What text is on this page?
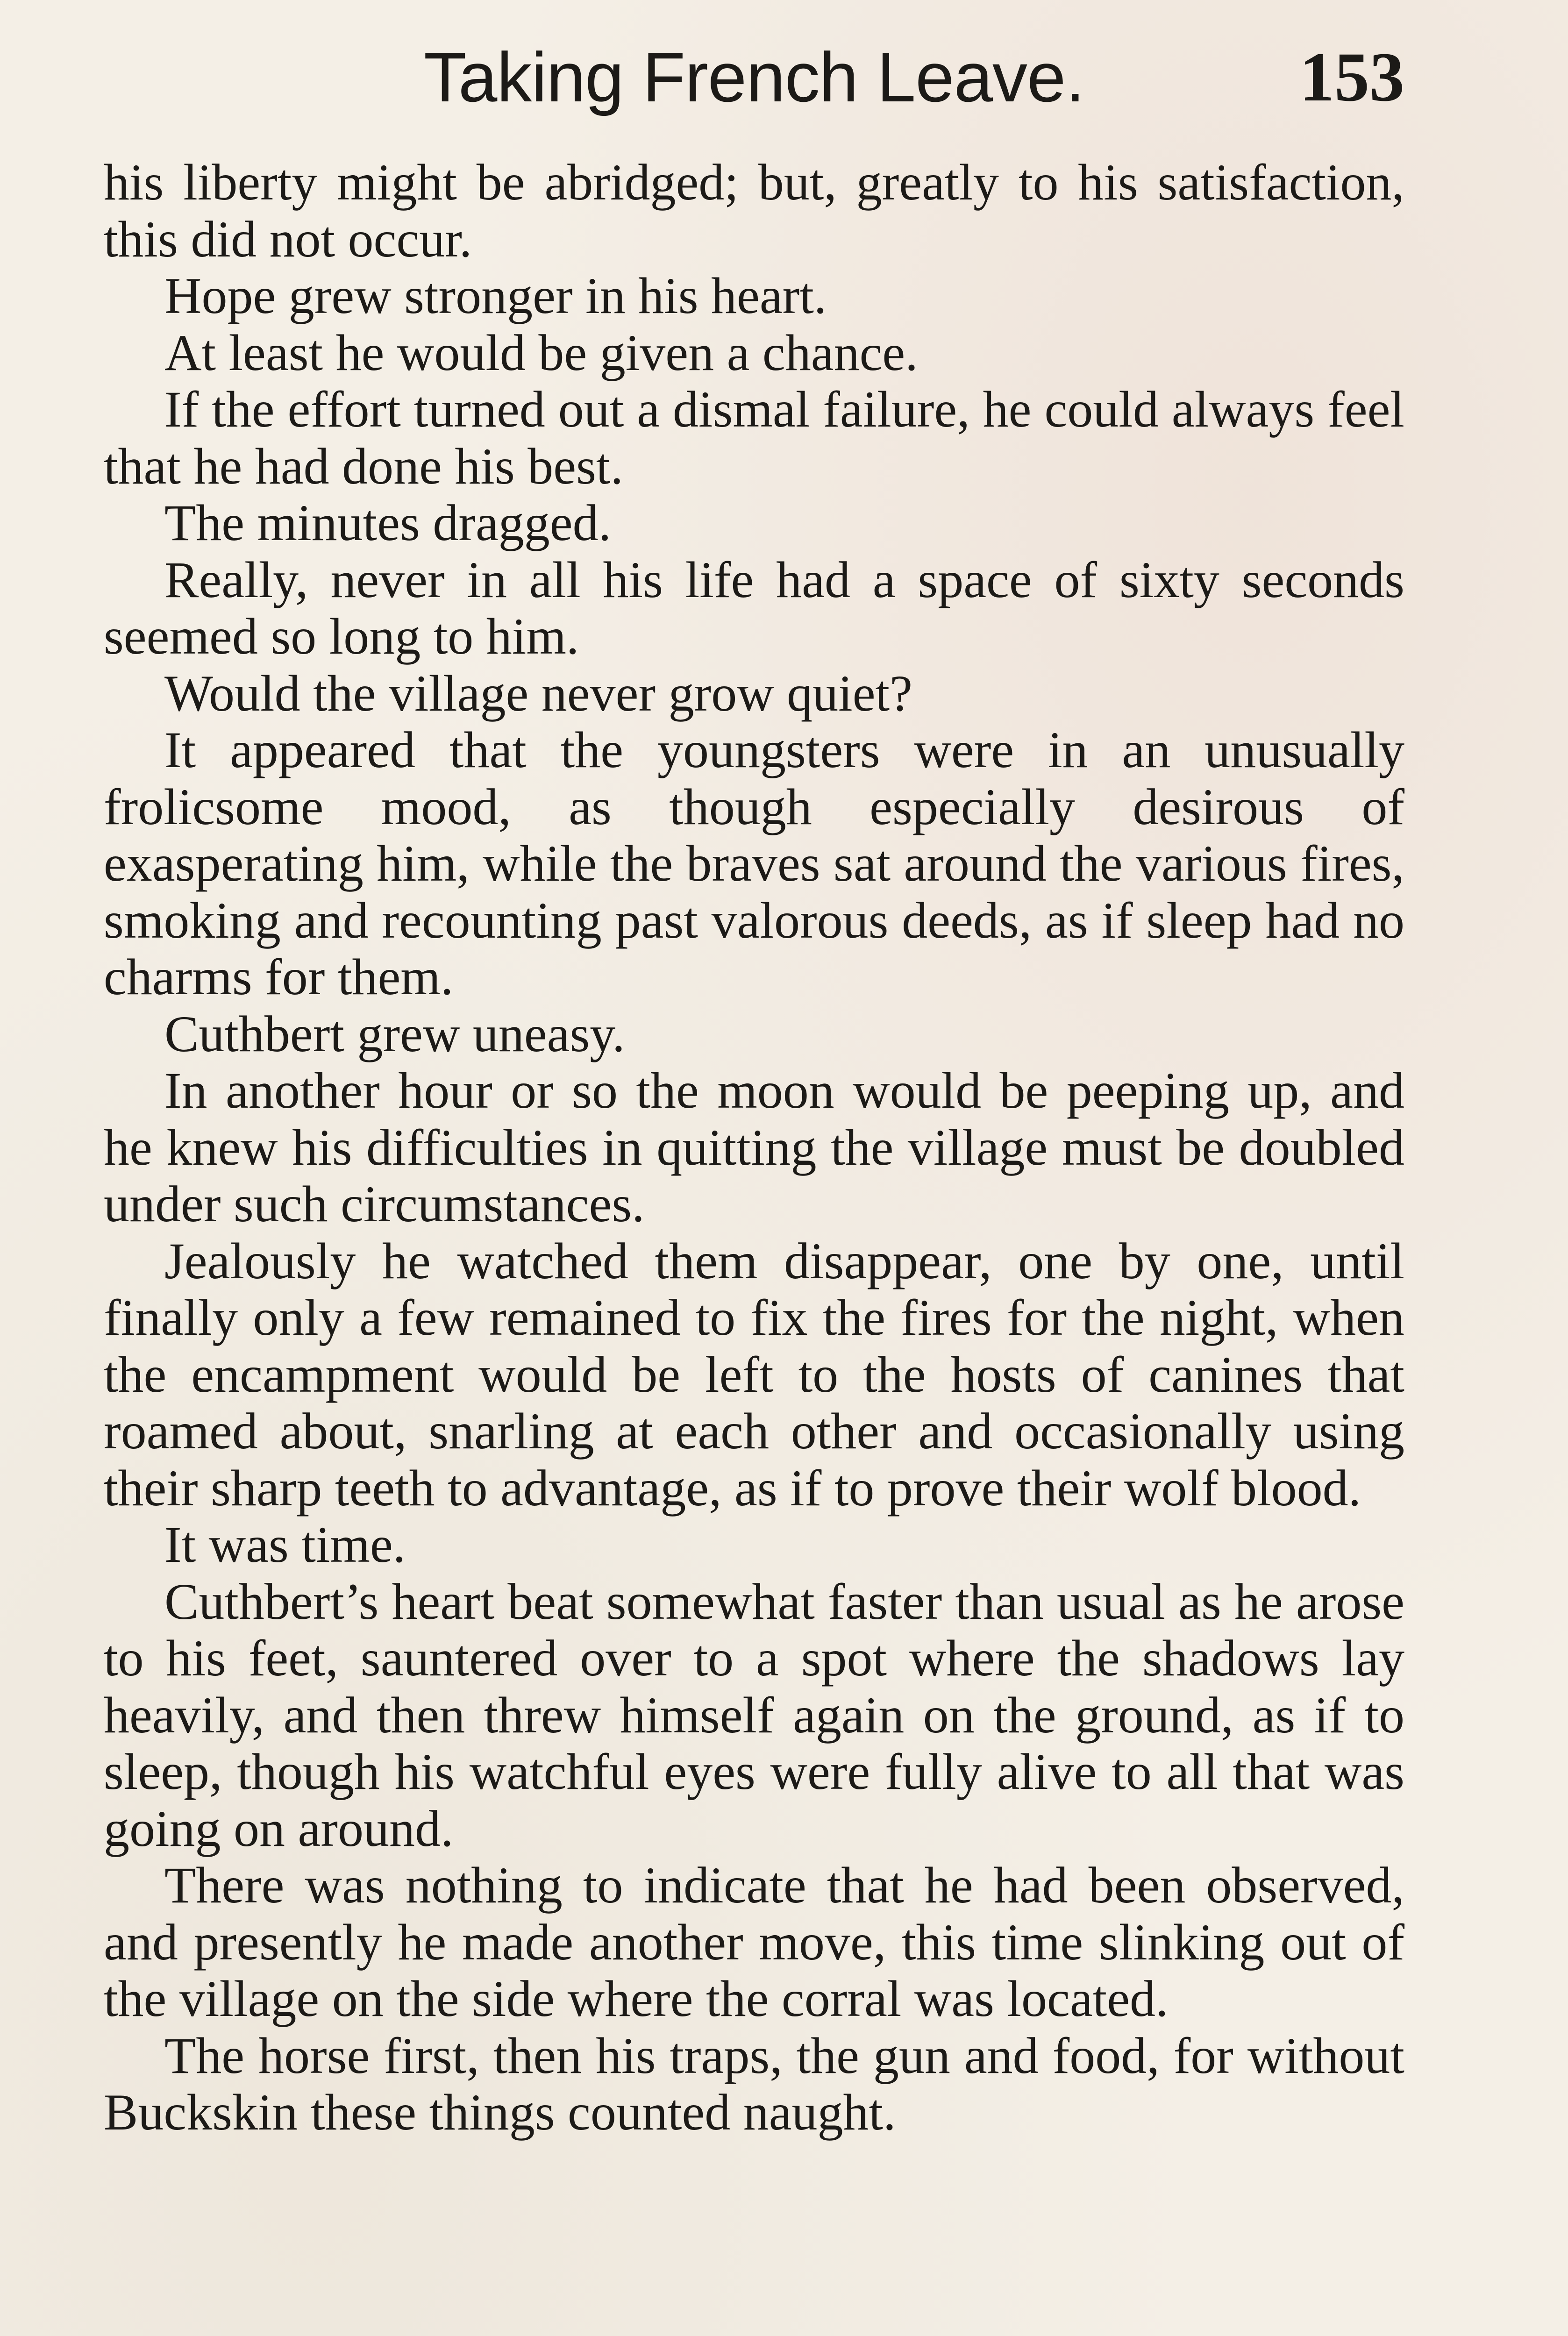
Taking French Leave.	153

his liberty might be abridged; but, greatly to his satisfaction, this did not occur.

Hope grew stronger in his heart.

At least he would be given a chance.

If the effort turned out a dismal failure, he could always feel that he had done his best.

The minutes dragged.

Really, never in all his life had a space of sixty seconds seemed so long to him.

Would the village never grow quiet?

It appeared that the youngsters were in an unusually frolicsome mood, as though especially desirous of exasperating him, while the braves sat around the various fires, smoking and recounting past valorous deeds, as if sleep had no charms for them.

Cuthbert grew uneasy.

In another hour or so the moon would be peeping up, and he knew his difficulties in quitting the village must be doubled under such circumstances.

Jealously he watched them disappear, one by one, until finally only a few remained to fix the fires for the night, when the encampment would be left to the hosts of canines that roamed about, snarling at each other and occasionally using their sharp teeth to advantage, as if to prove their wolf blood.

It was time.

Cuthbert’s heart beat somewhat faster than usual as he arose to his feet, sauntered over to a spot where the shadows lay heavily, and then threw himself again on the ground, as if to sleep, though his watchful eyes were fully alive to all that was going on around.

There was nothing to indicate that he had been observed, and presently he made another move, this time slinking out of the village on the side where the corral was located.

The horse first, then his traps, the gun and food, for without Buckskin these things counted naught.
